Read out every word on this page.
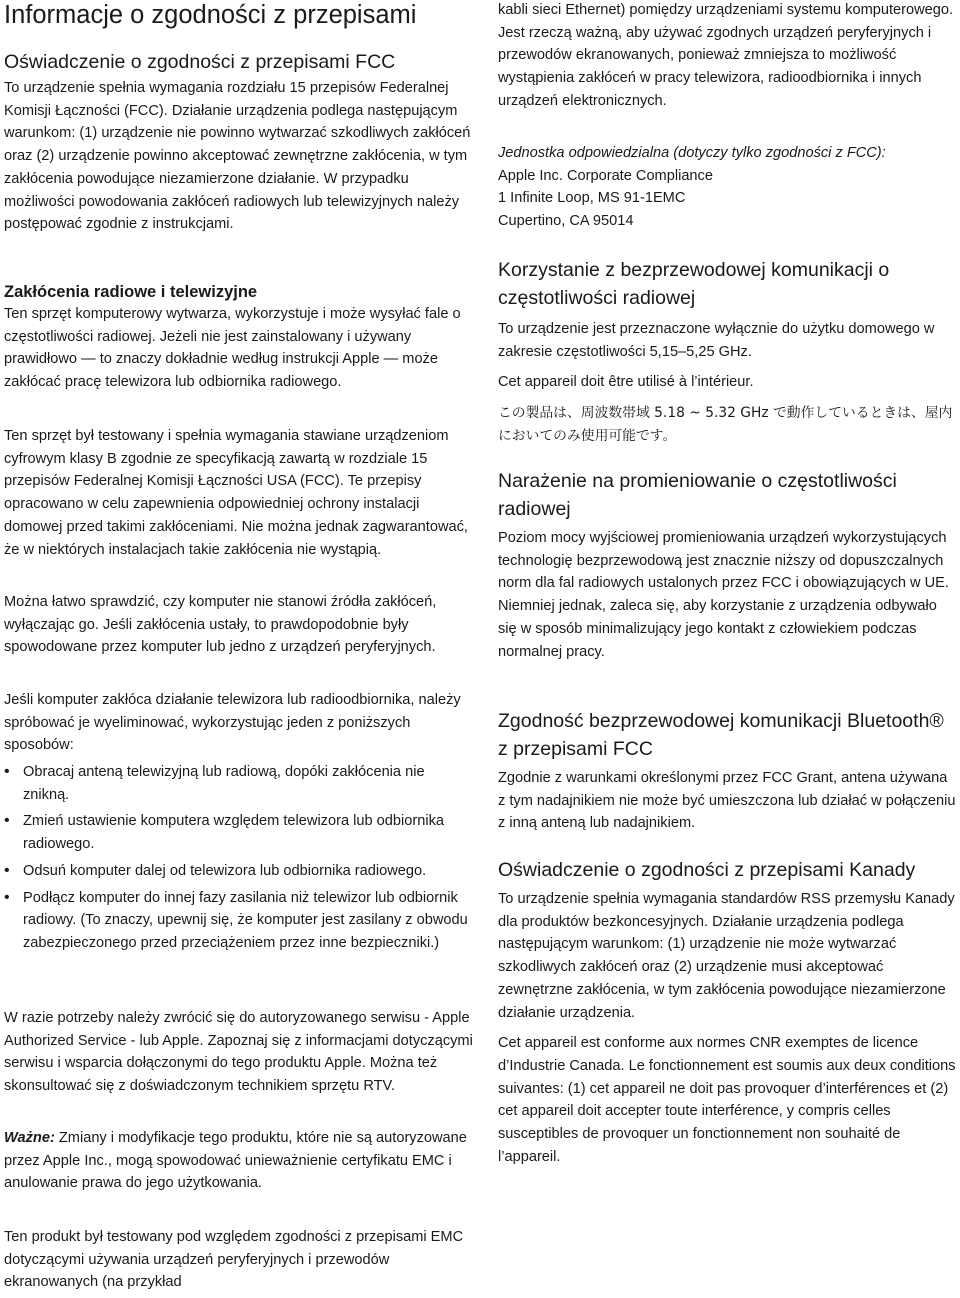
Informacje o zgodności z przepisami
Oświadczenie o zgodności z przepisami FCC

To urządzenie spełnia wymagania rozdziału 15 przepisów Federalnej Komisji Łączności (FCC). Działanie urządzenia podlega następującym warunkom: (1) urządzenie nie powinno wytwarzać szkodliwych zakłóceń oraz (2) urządzenie powinno akceptować zewnętrzne zakłócenia, w tym zakłócenia powodujące niezamierzone działanie. W przypadku możliwości powodowania zakłóceń radiowych lub telewizyjnych należy postępować zgodnie z instrukcjami.

Zakłócenia radiowe i telewizyjne

Ten sprzęt komputerowy wytwarza, wykorzystuje i może wysyłać fale o częstotliwości radiowej. Jeżeli nie jest zainstalowany i używany prawidłowo — to znaczy dokładnie według instrukcji Apple — może zakłócać pracę telewizora lub odbiornika radiowego.

Ten sprzęt był testowany i spełnia wymagania stawiane urządzeniom cyfrowym klasy B zgodnie ze specyfikacją zawartą w rozdziale 15 przepisów Federalnej Komisji Łączności USA (FCC). Te przepisy opracowano w celu zapewnienia odpowiedniej ochrony instalacji domowej przed takimi zakłóceniami. Nie można jednak zagwarantować, że w niektórych instalacjach takie zakłócenia nie wystąpią.

Można łatwo sprawdzić, czy komputer nie stanowi źródła zakłóceń, wyłączając go. Jeśli zakłócenia ustały, to prawdopodobnie były spowodowane przez komputer lub jedno z urządzeń peryferyjnych.

Jeśli komputer zakłóca działanie telewizora lub radioodbiornika, należy spróbować je wyeliminować, wykorzystując jeden z poniższych sposobów:

• Obracaj anteną telewizyjną lub radiową, dopóki zakłócenia nie znikną.
• Zmień ustawienie komputera względem telewizora lub odbiornika radiowego.
• Odsuń komputer dalej od telewizora lub odbiornika radiowego.
• Podłącz komputer do innej fazy zasilania niż telewizor lub odbiornik radiowy. (To znaczy, upewnij się, że komputer jest zasilany z obwodu zabezpieczonego przed przeciążeniem przez inne bezpieczniki.)

W razie potrzeby należy zwrócić się do autoryzowanego serwisu - Apple Authorized Service - lub Apple. Zapoznaj się z informacjami dotyczącymi serwisu i wsparcia dołączonymi do tego produktu Apple. Można też skonsultować się z doświadczonym technikiem sprzętu RTV.

Ważne: Zmiany i modyfikacje tego produktu, które nie są autoryzowane przez Apple Inc., mogą spowodować unieważnienie certyfikatu EMC i anulowanie prawa do jego użytkowania.

Ten produkt był testowany pod względem zgodności z przepisami EMC dotyczącymi używania urządzeń peryferyjnych i przewodów ekranowanych (na przykład

kabli sieci Ethernet) pomiędzy urządzeniami systemu komputerowego. Jest rzeczą ważną, aby używać zgodnych urządzeń peryferyjnych i przewodów ekranowanych, ponieważ zmniejsza to możliwość wystąpienia zakłóceń w pracy telewizora, radioodbiornika i innych urządzeń elektronicznych.

Jednostka odpowiedzialna (dotyczy tylko zgodności z FCC):

Apple Inc. Corporate Compliance

1 Infinite Loop, MS 91-1EMC

Cupertino, CA 95014

Korzystanie z bezprzewodowej komunikacji o częstotliwości radiowej

To urządzenie jest przeznaczone wyłącznie do użytku domowego w zakresie częstotliwości 5,15–5,25 GHz.

Cet appareil doit être utilisé à l’intérieur.

この製品は、周波数帯域 5.18 ~ 5.32 GHz で動作しているときは、屋内においてのみ使用可能です。

Narażenie na promieniowanie o częstotliwości radiowej

Poziom mocy wyjściowej promieniowania urządzeń wykorzystujących technologię bezprzewodową jest znacznie niższy od dopuszczalnych norm dla fal radiowych ustalonych przez FCC i obowiązujących w UE. Niemniej jednak, zaleca się, aby korzystanie z urządzenia odbywało się w sposób minimalizujący jego kontakt z człowiekiem podczas normalnej pracy.

Zgodność bezprzewodowej komunikacji Bluetooth® z przepisami FCC

Zgodnie z warunkami określonymi przez FCC Grant, antena używana z tym nadajnikiem nie może być umieszczona lub działać w połączeniu z inną anteną lub nadajnikiem.

Oświadczenie o zgodności z przepisami Kanady

To urządzenie spełnia wymagania standardów RSS przemysłu Kanady dla produktów bezkoncesyjnych. Działanie urządzenia podlega następującym warunkom: (1) urządzenie nie może wytwarzać szkodliwych zakłóceń oraz (2) urządzenie musi akceptować zewnętrzne zakłócenia, w tym zakłócenia powodujące niezamierzone działanie urządzenia.

Cet appareil est conforme aux normes CNR exemptes de licence d’Industrie Canada. Le fonctionnement est soumis aux deux conditions suivantes: (1) cet appareil ne doit pas provoquer d’interférences et (2) cet appareil doit accepter toute interférence, y compris celles susceptibles de provoquer un fonctionnement non souhaité de l’appareil.
